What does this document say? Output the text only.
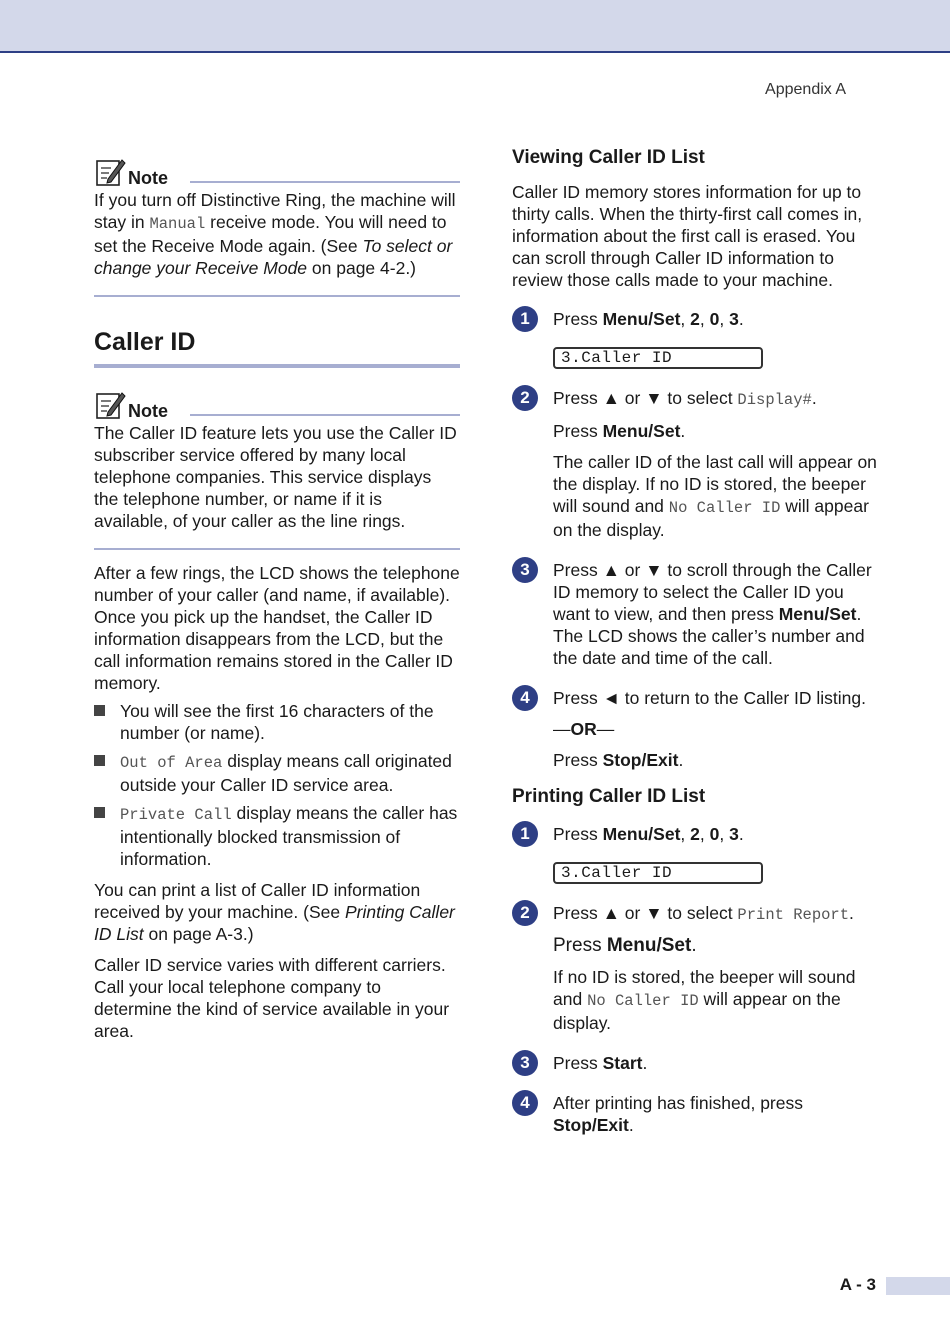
Appendix A
Note

If you turn off Distinctive Ring, the machine will stay in Manual receive mode. You will need to set the Receive Mode again. (See To select or change your Receive Mode on page 4-2.)

Caller ID
Note

The Caller ID feature lets you use the Caller ID subscriber service offered by many local telephone companies. This service displays the telephone number, or name if it is available, of your caller as the line rings.

After a few rings, the LCD shows the telephone number of your caller (and name, if available). Once you pick up the handset, the Caller ID information disappears from the LCD, but the call information remains stored in the Caller ID memory.

You will see the first 16 characters of the number (or name).

Out of Area display means call originated outside your Caller ID service area.

Private Call display means the caller has intentionally blocked transmission of information.

You can print a list of Caller ID information received by your machine. (See Printing Caller ID List on page A-3.)

Caller ID service varies with different carriers. Call your local telephone company to determine the kind of service available in your area.

Viewing Caller ID List

Caller ID memory stores information for up to thirty calls. When the thirty-first call comes in, information about the first call is erased. You can scroll through Caller ID information to review those calls made to your machine.

1	Press Menu/Set, 2, 0, 3.

3.Caller ID
2	Press ▲ or ▼ to select Display#.

Press Menu/Set.

The caller ID of the last call will appear on the display. If no ID is stored, the beeper will sound and No Caller ID will appear on the display.

3	Press ▲ or ▼ to scroll through the Caller ID memory to select the Caller ID you want to view, and then press Menu/Set. The LCD shows the caller’s number and the date and time of the call.

4	Press ◄ to return to the Caller ID listing.

—OR—

Press Stop/Exit.

Printing Caller ID List
1	Press Menu/Set, 2, 0, 3.

3.Caller ID
2	Press ▲ or ▼ to select Print Report.

Press Menu/Set.

If no ID is stored, the beeper will sound and No Caller ID will appear on the display.

3	Press Start.

4	After printing has finished, press Stop/Exit.

A - 3
